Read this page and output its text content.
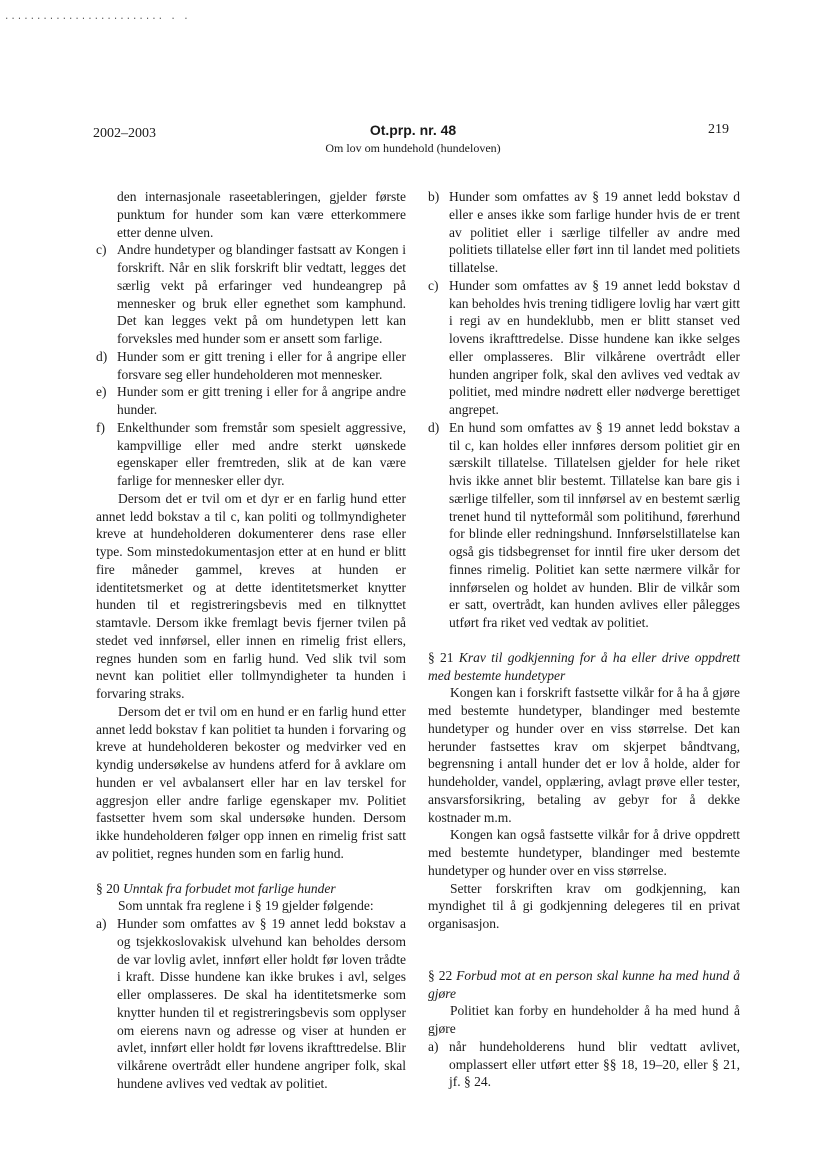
......................... . .
2002–2003	Ot.prp. nr. 48
Om lov om hundehold (hundeloven)
219

den internasjonale raseetableringen, gjelder første punktum for hunder som kan være etterkommere etter denne ulven.

c) Andre hundetyper og blandinger fastsatt av Kongen i forskrift. Når en slik forskrift blir vedtatt, legges det særlig vekt på erfaringer ved hundeangrep på mennesker og bruk eller egnethet som kamphund. Det kan legges vekt på om hundetypen lett kan forveksles med hunder som er ansett som farlige.
d) Hunder som er gitt trening i eller for å angripe eller forsvare seg eller hundeholderen mot mennesker.
e) Hunder som er gitt trening i eller for å angripe andre hunder.
f) Enkelthunder som fremstår som spesielt aggressive, kampvillige eller med andre sterkt uønskede egenskaper eller fremtreden, slik at de kan være farlige for mennesker eller dyr.

Dersom det er tvil om et dyr er en farlig hund etter annet ledd bokstav a til c, kan politi og tollmyndigheter kreve at hundeholderen dokumenterer dens rase eller type. Som minstedokumentasjon etter at en hund er blitt fire måneder gammel, kreves at hunden er identitetsmerket og at dette identitetsmerket knytter hunden til et registreringsbevis med en tilknyttet stamtavle. Dersom ikke fremlagt bevis fjerner tvilen på stedet ved innførsel, eller innen en rimelig frist ellers, regnes hunden som en farlig hund. Ved slik tvil som nevnt kan politiet eller tollmyndigheter ta hunden i forvaring straks.

Dersom det er tvil om en hund er en farlig hund etter annet ledd bokstav f kan politiet ta hunden i forvaring og kreve at hundeholderen bekoster og medvirker ved en kyndig undersøkelse av hundens atferd for å avklare om hunden er vel avbalansert eller har en lav terskel for aggresjon eller andre farlige egenskaper mv. Politiet fastsetter hvem som skal undersøke hunden. Dersom ikke hundeholderen følger opp innen en rimelig frist satt av politiet, regnes hunden som en farlig hund.

§ 20 Unntak fra forbudet mot farlige hunder

Som unntak fra reglene i § 19 gjelder følgende:

a) Hunder som omfattes av § 19 annet ledd bokstav a og tsjekkoslovakisk ulvehund kan beholdes dersom de var lovlig avlet, innført eller holdt før loven trådte i kraft. Disse hundene kan ikke brukes i avl, selges eller omplasseres. De skal ha identitetsmerke som knytter hunden til et registreringsbevis som opplyser om eierens navn og adresse og viser at hunden er avlet, innført eller holdt før lovens ikrafttredelse. Blir vilkårene overtrådt eller hundene angriper folk, skal hundene avlives ved vedtak av politiet.
b) Hunder som omfattes av § 19 annet ledd bokstav d eller e anses ikke som farlige hunder hvis de er trent av politiet eller i særlige tilfeller av andre med politiets tillatelse eller ført inn til landet med politiets tillatelse.
c) Hunder som omfattes av § 19 annet ledd bokstav d kan beholdes hvis trening tidligere lovlig har vært gitt i regi av en hundeklubb, men er blitt stanset ved lovens ikrafttredelse. Disse hundene kan ikke selges eller omplasseres. Blir vilkårene overtrådt eller hunden angriper folk, skal den avlives ved vedtak av politiet, med mindre nødrett eller nødverge berettiget angrepet.
d) En hund som omfattes av § 19 annet ledd bokstav a til c, kan holdes eller innføres dersom politiet gir en særskilt tillatelse. Tillatelsen gjelder for hele riket hvis ikke annet blir bestemt. Tillatelse kan bare gis i særlige tilfeller, som til innførsel av en bestemt særlig trenet hund til nytteformål som politihund, førerhund for blinde eller redningshund. Innførselstillatelse kan også gis tidsbegrenset for inntil fire uker dersom det finnes rimelig. Politiet kan sette nærmere vilkår for innførselen og holdet av hunden. Blir de vilkår som er satt, overtrådt, kan hunden avlives eller pålegges utført fra riket ved vedtak av politiet.

§ 21 Krav til godkjenning for å ha eller drive oppdrett med bestemte hundetyper

Kongen kan i forskrift fastsette vilkår for å ha å gjøre med bestemte hundetyper, blandinger med bestemte hundetyper og hunder over en viss størrelse. Det kan herunder fastsettes krav om skjerpet båndtvang, begrensning i antall hunder det er lov å holde, alder for hundeholder, vandel, opplæring, avlagt prøve eller tester, ansvarsforsikring, betaling av gebyr for å dekke kostnader m.m.

Kongen kan også fastsette vilkår for å drive oppdrett med bestemte hundetyper, blandinger med bestemte hundetyper og hunder over en viss størrelse.

Setter forskriften krav om godkjenning, kan myndighet til å gi godkjenning delegeres til en privat organisasjon.

§ 22 Forbud mot at en person skal kunne ha med hund å gjøre

Politiet kan forby en hundeholder å ha med hund å gjøre

a) når hundeholderens hund blir vedtatt avlivet, omplassert eller utført etter §§ 18, 19–20, eller § 21, jf. § 24.
